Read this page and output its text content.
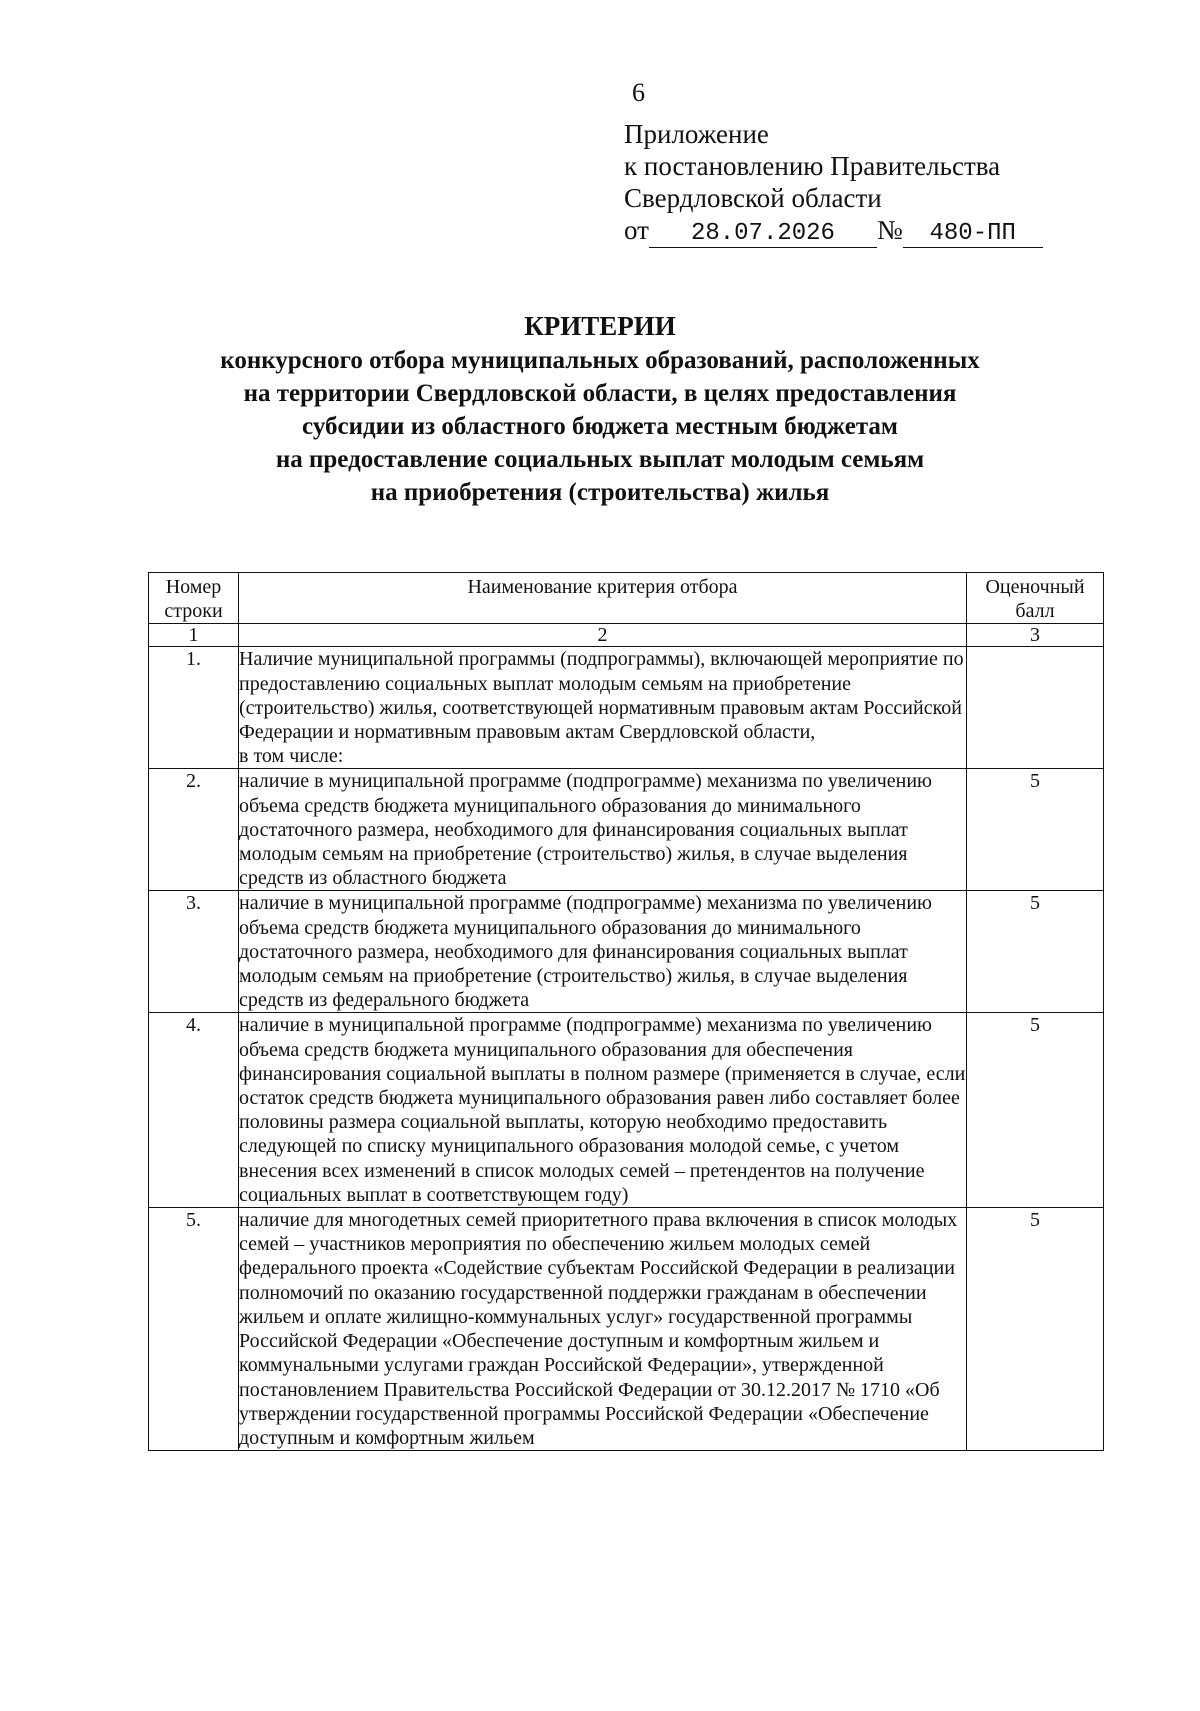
6
Приложение
к постановлению Правительства
Свердловской области
от 28.07.2026 № 480-ПП
КРИТЕРИИ
конкурсного отбора муниципальных образований, расположенных
на территории Свердловской области, в целях предоставления
субсидии из областного бюджета местным бюджетам
на предоставление социальных выплат молодым семьям
на приобретения (строительства) жилья
Номер строки	Наименование критерия отбора	Оценочный балл
1	2	3
1.	Наличие муниципальной программы (подпрограммы), включающей мероприятие по предоставлению социальных выплат молодым семьям на приобретение (строительство) жилья, соответствующей нормативным правовым актам Российской Федерации и нормативным правовым актам Свердловской области,
в том числе:	
2.	наличие в муниципальной программе (подпрограмме) механизма по увеличению объема средств бюджета муниципального образования до минимального достаточного размера, необходимого для финансирования социальных выплат молодым семьям на приобретение (строительство) жилья, в случае выделения средств из областного бюджета	5
3.	наличие в муниципальной программе (подпрограмме) механизма по увеличению объема средств бюджета муниципального образования до минимального достаточного размера, необходимого для финансирования социальных выплат молодым семьям на приобретение (строительство) жилья, в случае выделения средств из федерального бюджета	5
4.	наличие в муниципальной программе (подпрограмме) механизма по увеличению объема средств бюджета муниципального образования для обеспечения финансирования социальной выплаты в полном размере (применяется в случае, если остаток средств бюджета муниципального образования равен либо составляет более половины размера социальной выплаты, которую необходимо предоставить следующей по списку муниципального образования молодой семье, с учетом внесения всех изменений в список молодых семей – претендентов на получение социальных выплат в соответствующем году)	5
5.	наличие для многодетных семей приоритетного права включения в список молодых семей – участников мероприятия по обеспечению жильем молодых семей федерального проекта «Содействие субъектам Российской Федерации в реализации полномочий по оказанию государственной поддержки гражданам в обеспечении жильем и оплате жилищно-коммунальных услуг» государственной программы Российской Федерации «Обеспечение доступным и комфортным жильем и коммунальными услугами граждан Российской Федерации», утвержденной постановлением Правительства Российской Федерации от 30.12.2017 № 1710 «Об утверждении государственной программы Российской Федерации «Обеспечение доступным и комфортным жильем	5
